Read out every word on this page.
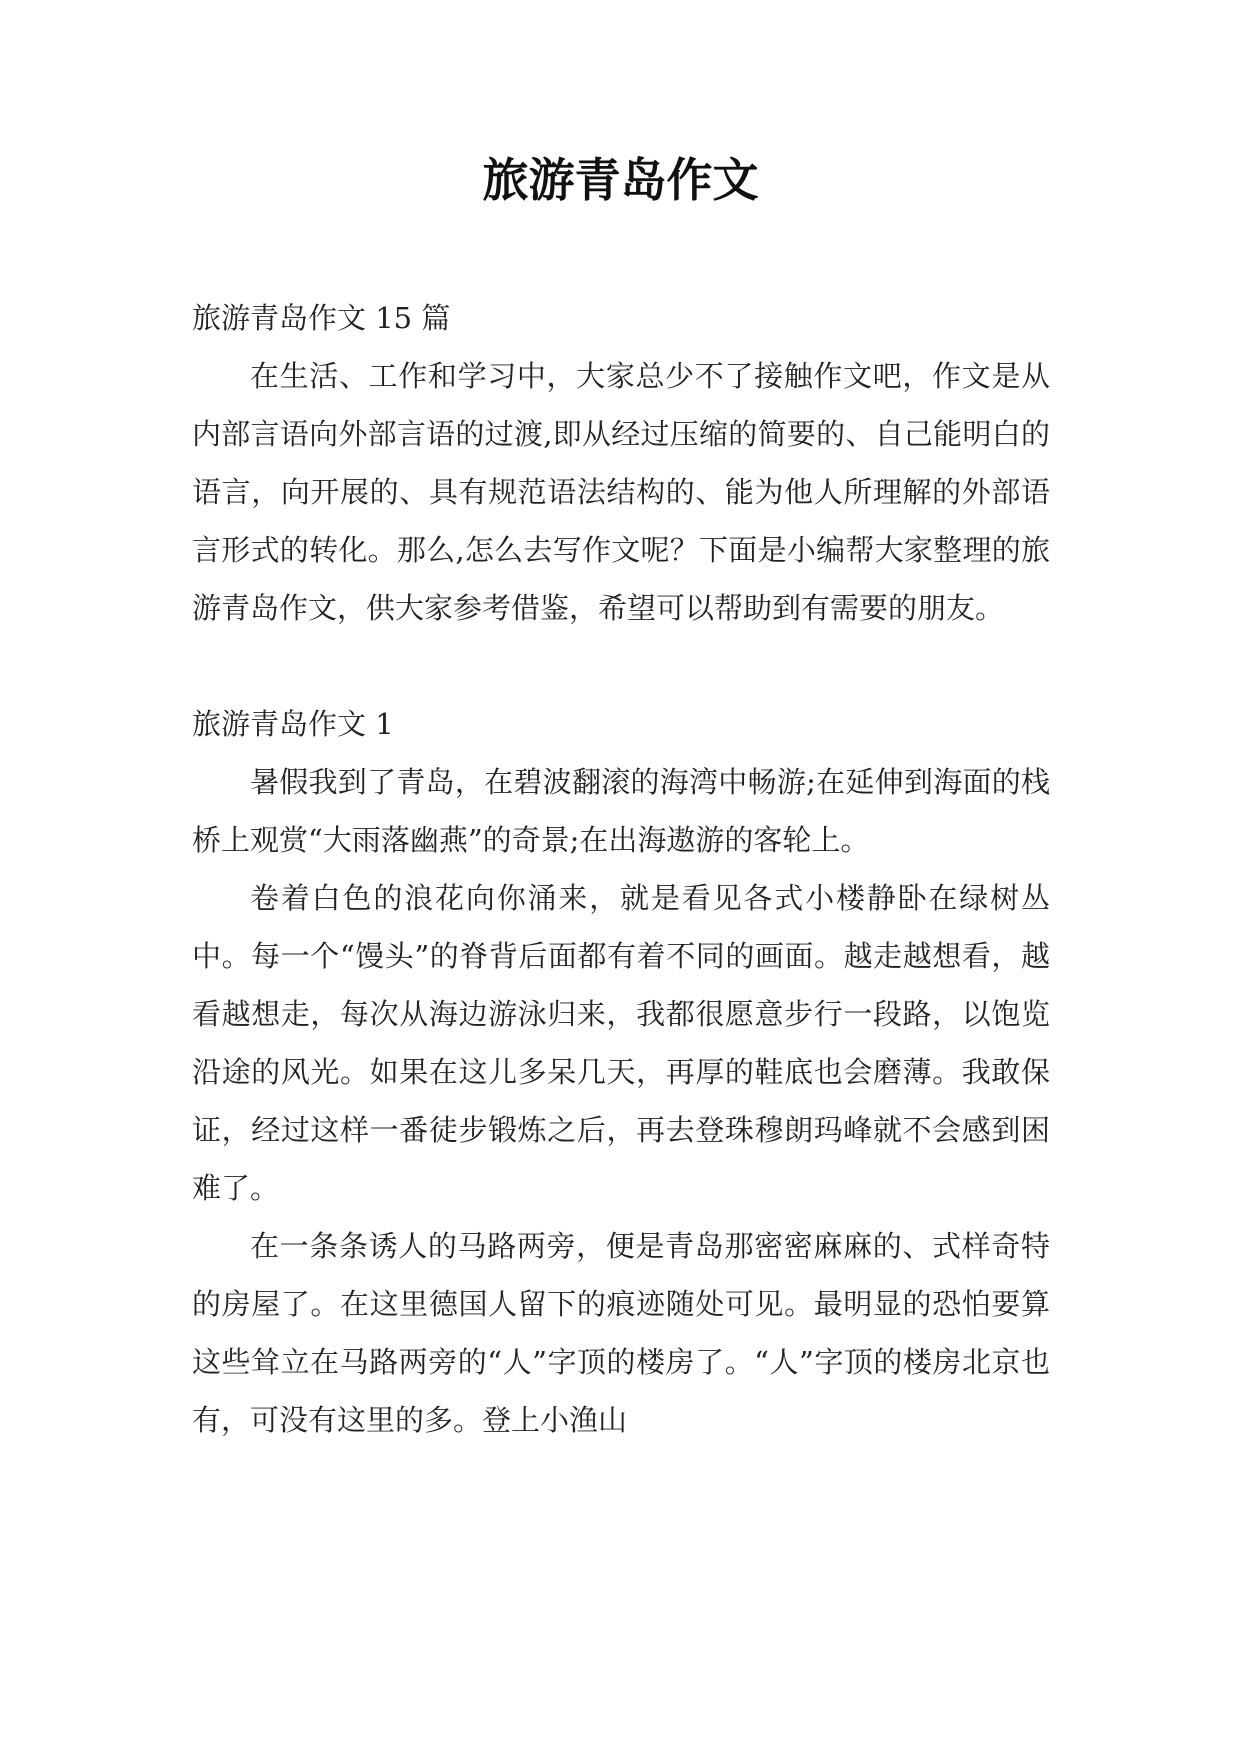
旅游青岛作文

旅游青岛作文 15 篇

在生活、工作和学习中，大家总少不了接触作文吧，作文是从内部言语向外部言语的过渡,即从经过压缩的简要的、自己能明白的语言，向开展的、具有规范语法结构的、能为他人所理解的外部语言形式的转化。那么,怎么去写作文呢？下面是小编帮大家整理的旅游青岛作文，供大家参考借鉴，希望可以帮助到有需要的朋友。

旅游青岛作文 1

暑假我到了青岛，在碧波翻滚的海湾中畅游;在延伸到海面的栈桥上观赏“大雨落幽燕”的奇景;在出海遨游的客轮上。

卷着白色的浪花向你涌来，就是看见各式小楼静卧在绿树丛中。每一个“馒头”的脊背后面都有着不同的画面。越走越想看，越看越想走，每次从海边游泳归来，我都很愿意步行一段路，以饱览沿途的风光。如果在这儿多呆几天，再厚的鞋底也会磨薄。我敢保证，经过这样一番徒步锻炼之后，再去登珠穆朗玛峰就不会感到困难了。

在一条条诱人的马路两旁，便是青岛那密密麻麻的、式样奇特的房屋了。在这里德国人留下的痕迹随处可见。最明显的恐怕要算这些耸立在马路两旁的“人”字顶的楼房了。“人”字顶的楼房北京也有，可没有这里的多。登上小渔山
